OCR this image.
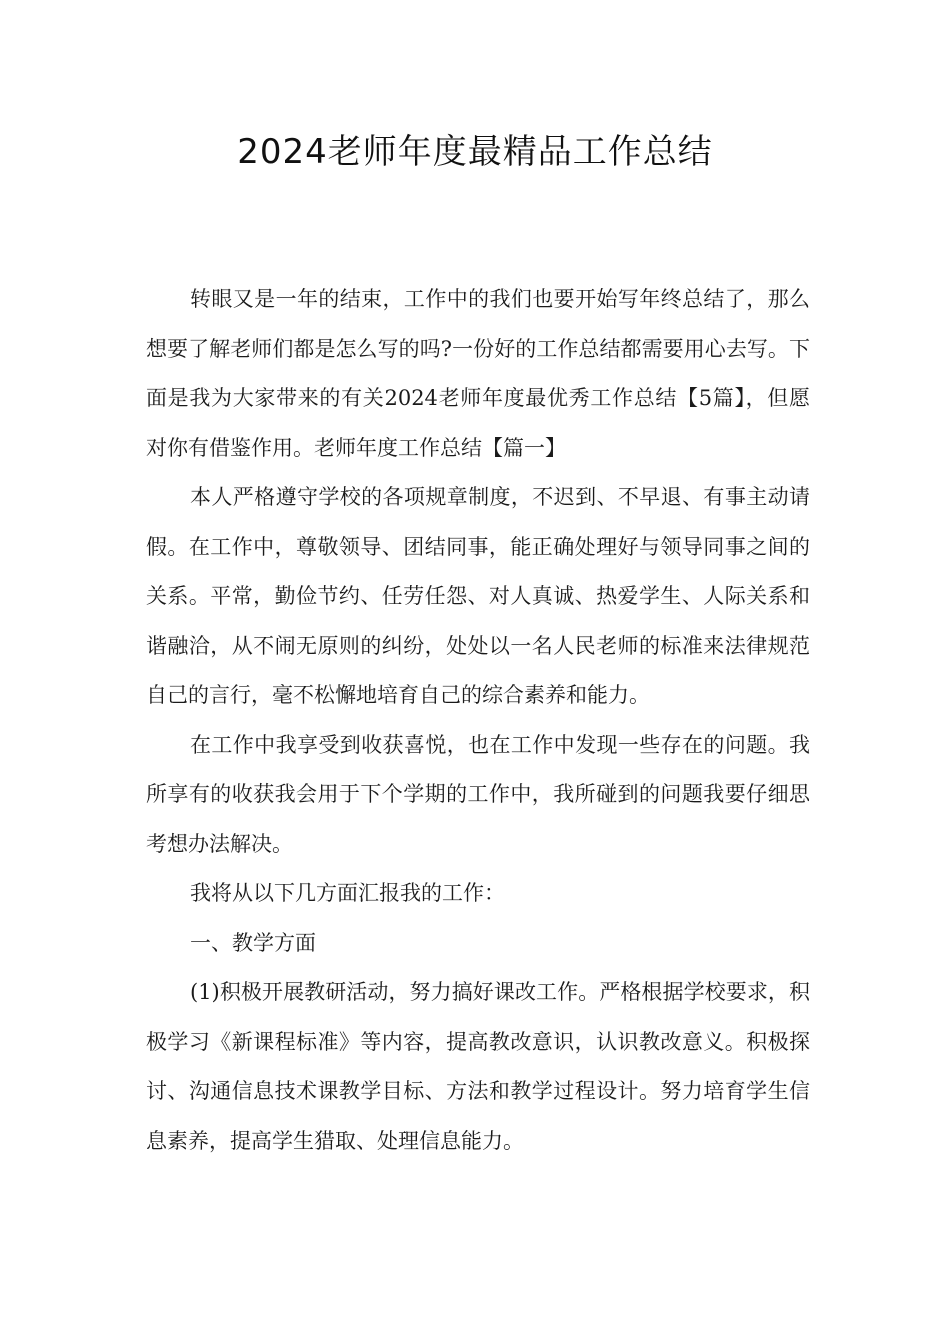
2024老师年度最精品工作总结

转眼又是一年的结束，工作中的我们也要开始写年终总结了，那么想要了解老师们都是怎么写的吗?一份好的工作总结都需要用心去写。下面是我为大家带来的有关2024老师年度最优秀工作总结【5篇】，但愿对你有借鉴作用。老师年度工作总结【篇一】

本人严格遵守学校的各项规章制度，不迟到、不早退、有事主动请假。在工作中，尊敬领导、团结同事，能正确处理好与领导同事之间的关系。平常，勤俭节约、任劳任怨、对人真诚、热爱学生、人际关系和谐融洽，从不闹无原则的纠纷，处处以一名人民老师的标准来法律规范自己的言行，毫不松懈地培育自己的综合素养和能力。

在工作中我享受到收获喜悦，也在工作中发现一些存在的问题。我所享有的收获我会用于下个学期的工作中，我所碰到的问题我要仔细思考想办法解决。

我将从以下几方面汇报我的工作：

一、教学方面

(1)积极开展教研活动，努力搞好课改工作。严格根据学校要求，积极学习《新课程标准》等内容，提高教改意识，认识教改意义。积极探讨、沟通信息技术课教学目标、方法和教学过程设计。努力培育学生信息素养，提高学生猎取、处理信息能力。
